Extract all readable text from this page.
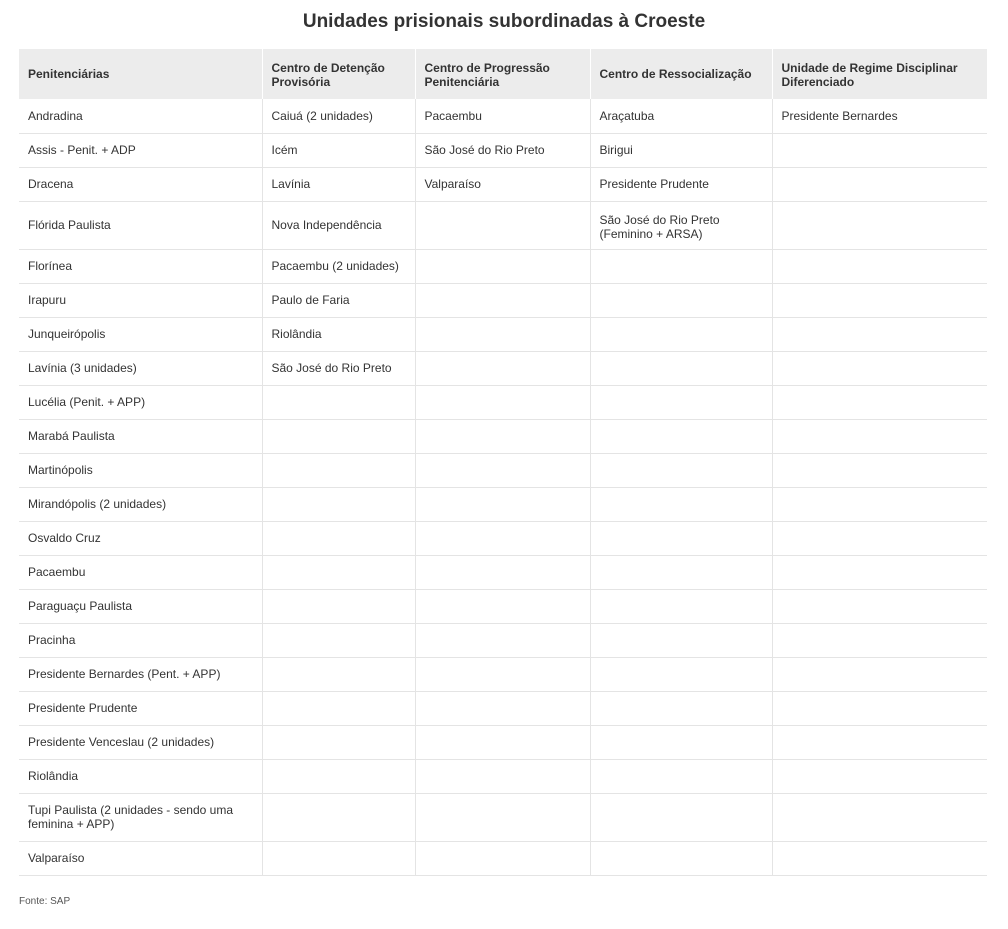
Unidades prisionais subordinadas à Croeste
Penitenciárias	Centro de Detenção Provisória	Centro de Progressão Penitenciária	Centro de Ressocialização	Unidade de Regime Disciplinar Diferenciado
Andradina	Caiuá (2 unidades)	Pacaembu	Araçatuba	Presidente Bernardes
Assis - Penit. + ADP	Icém	São José do Rio Preto	Birigui	
Dracena	Lavínia	Valparaíso	Presidente Prudente	
Flórida Paulista	Nova Independência		São José do Rio Preto (Feminino + ARSA)	
Florínea	Pacaembu (2 unidades)			
Irapuru	Paulo de Faria			
Junqueirópolis	Riolândia			
Lavínia (3 unidades)	São José do Rio Preto			
Lucélia (Penit. + APP)				
Marabá Paulista				
Martinópolis				
Mirandópolis (2 unidades)				
Osvaldo Cruz				
Pacaembu				
Paraguaçu Paulista				
Pracinha				
Presidente Bernardes (Pent. + APP)				
Presidente Prudente				
Presidente Venceslau (2 unidades)				
Riolândia				
Tupi Paulista (2 unidades - sendo uma feminina + APP)				
Valparaíso				
Fonte: SAP
